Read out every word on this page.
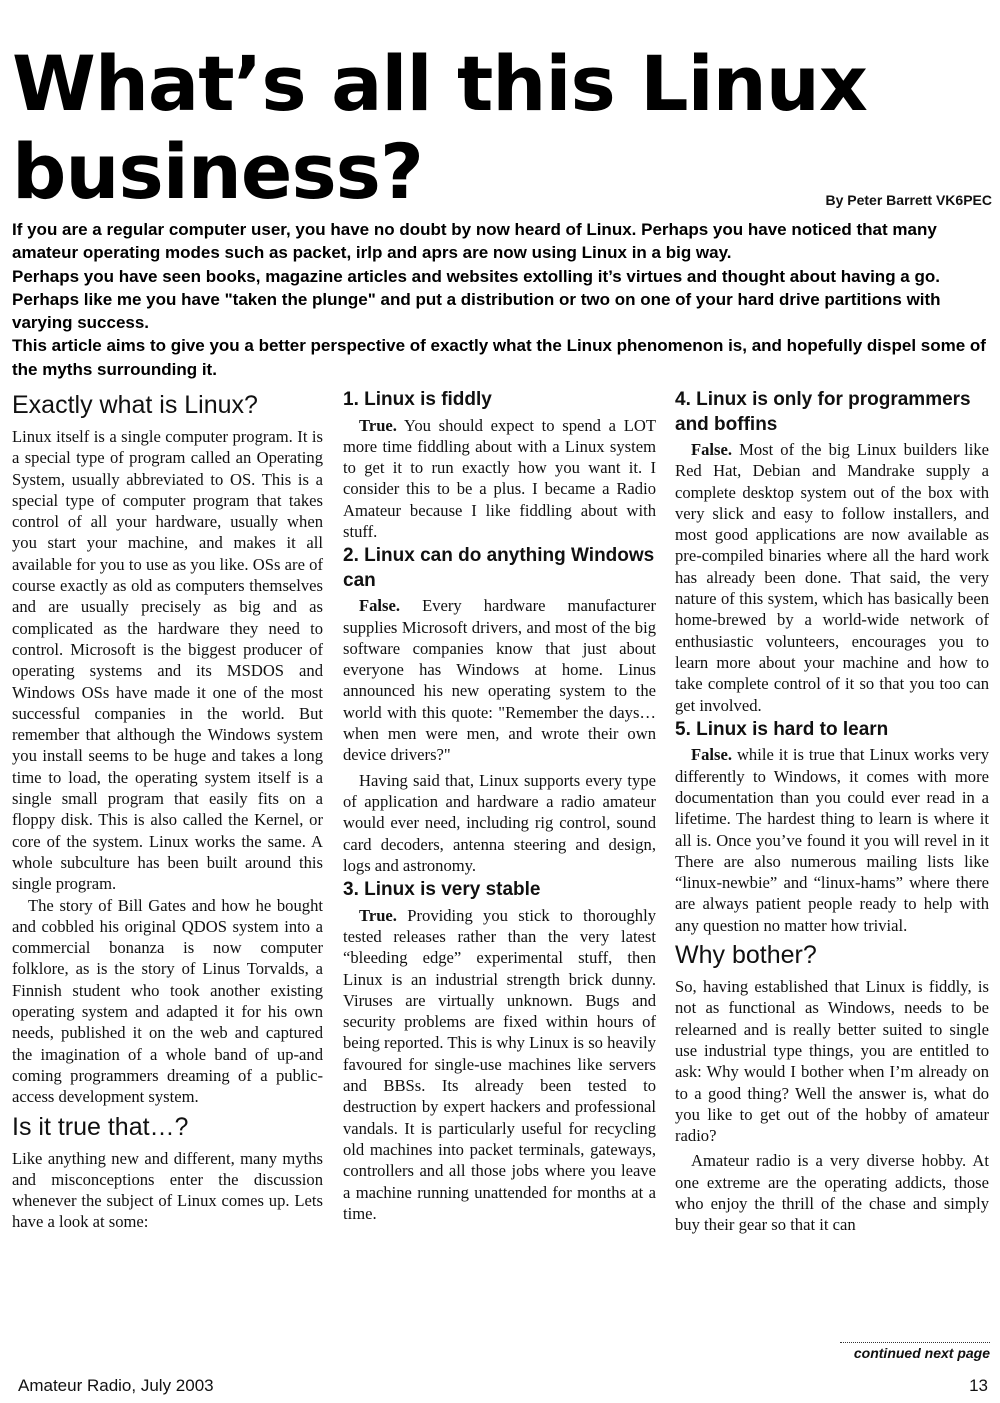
What’s all this Linux
business?	By Peter Barrett VK6PEC

If you are a regular computer user, you have no doubt by now heard of Linux. Perhaps you have noticed that many amateur operating modes such as packet, irlp and aprs are now using Linux in a big way.

Perhaps you have seen books, magazine articles and websites extolling it’s virtues and thought about having a go. Perhaps like me you have "taken the plunge" and put a distribution or two on one of your hard drive partitions with varying success.

This article aims to give you a better perspective of exactly what the Linux phenomenon is, and hopefully dispel some of the myths surrounding it.

Exactly what is Linux?

Linux itself is a single computer program. It is a special type of program called an Operating System, usually abbreviated to OS. This is a special type of computer program that takes control of all your hardware, usually when you start your machine, and makes it all available for you to use as you like. OSs are of course exactly as old as computers themselves and are usually precisely as big and as complicated as the hardware they need to control. Microsoft is the biggest producer of operating systems and its MSDOS and Windows OSs have made it one of the most successful companies in the world. But remember that although the Windows system you install seems to be huge and takes a long time to load, the operating system itself is a single small program that easily fits on a floppy disk. This is also called the Kernel, or core of the system. Linux works the same. A whole subculture has been built around this single program.

The story of Bill Gates and how he bought and cobbled his original QDOS system into a commercial bonanza is now computer folklore, as is the story of Linus Torvalds, a Finnish student who took another existing operating system and adapted it for his own needs, published it on the web and captured the imagination of a whole band of up-and coming programmers dreaming of a public-access development system.

Is it true that…?

Like anything new and different, many myths and misconceptions enter the discussion whenever the subject of Linux comes up. Lets have a look at some:

1. Linux is fiddly

True. You should expect to spend a LOT more time fiddling about with a Linux system to get it to run exactly how you want it. I consider this to be a plus. I became a Radio Amateur because I like fiddling about with stuff.

2. Linux can do anything Windows can

False. Every hardware manufacturer supplies Microsoft drivers, and most of the big software companies know that just about everyone has Windows at home. Linus announced his new operating system to the world with this quote: "Remember the days… when men were men, and wrote their own device drivers?"

Having said that, Linux supports every type of application and hardware a radio amateur would ever need, including rig control, sound card decoders, antenna steering and design, logs and astronomy.

3. Linux is very stable

True. Providing you stick to thoroughly tested releases rather than the very latest “bleeding edge” experimental stuff, then Linux is an industrial strength brick dunny. Viruses are virtually unknown. Bugs and security problems are fixed within hours of being reported. This is why Linux is so heavily favoured for single-use machines like servers and BBSs. Its already been tested to destruction by expert hackers and professional vandals. It is particularly useful for recycling old machines into packet terminals, gateways, controllers and all those jobs where you leave a machine running unattended for months at a time.

4. Linux is only for programmers and boffins

False. Most of the big Linux builders like Red Hat, Debian and Mandrake supply a complete desktop system out of the box with very slick and easy to follow installers, and most good applications are now available as pre-compiled binaries where all the hard work has already been done. That said, the very nature of this system, which has basically been home-brewed by a world-wide network of enthusiastic volunteers, encourages you to learn more about your machine and how to take complete control of it so that you too can get involved.

5. Linux is hard to learn

False. while it is true that Linux works very differently to Windows, it comes with more documentation than you could ever read in a lifetime. The hardest thing to learn is where it all is. Once you’ve found it you will revel in it There are also numerous mailing lists like “linux-newbie” and “linux-hams” where there are always patient people ready to help with any question no matter how trivial.

Why bother?

So, having established that Linux is fiddly, is not as functional as Windows, needs to be relearned and is really better suited to single use industrial type things, you are entitled to ask: Why would I bother when I’m already on to a good thing? Well the answer is, what do you like to get out of the hobby of amateur radio?

Amateur radio is a very diverse hobby. At one extreme are the operating addicts, those who enjoy the thrill of the chase and simply buy their gear so that it can

continued next page
Amateur Radio, July 2003	13
